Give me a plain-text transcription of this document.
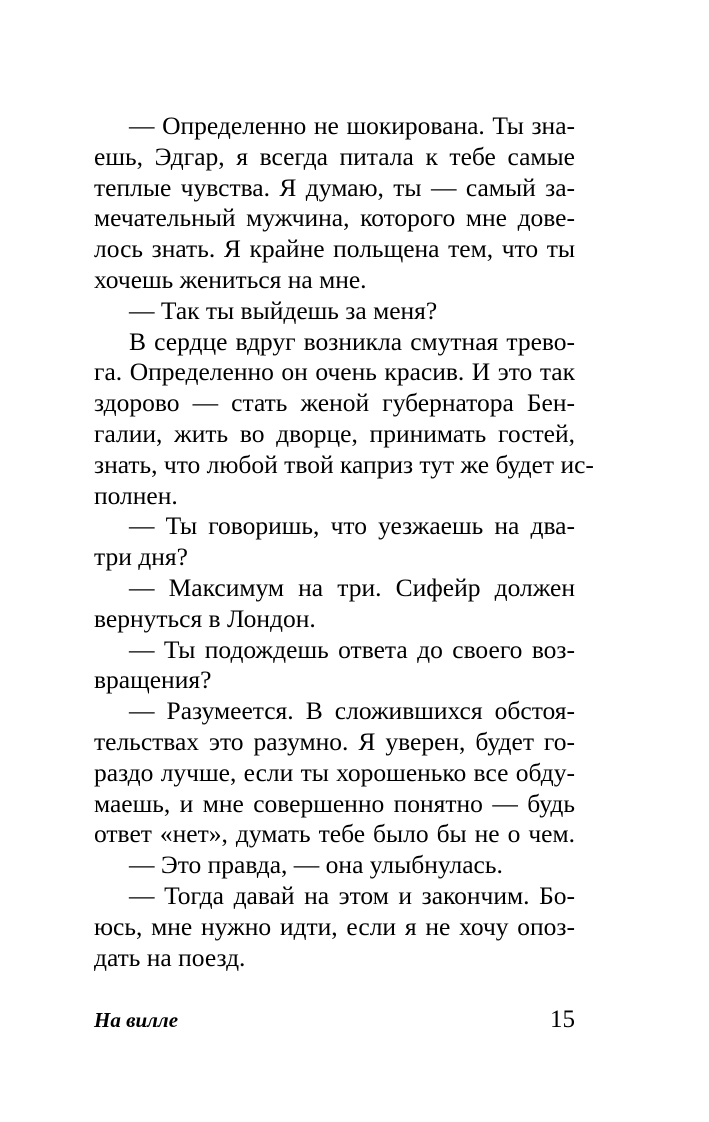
— Определенно не шокирована. Ты зна-
ешь, Эдгар, я всегда питала к тебе самые
теплые чувства. Я думаю, ты — самый за-
мечательный мужчина, которого мне дове-
лось знать. Я крайне польщена тем, что ты
хочешь жениться на мне.
— Так ты выйдешь за меня?
В сердце вдруг возникла смутная трево-
га. Определенно он очень красив. И это так
здорово — стать женой губернатора Бен-
галии, жить во дворце, принимать гостей,
знать, что любой твой каприз тут же будет ис-
полнен.
— Ты говоришь, что уезжаешь на два-
три дня?
— Максимум на три. Сифейр должен
вернуться в Лондон.
— Ты подождешь ответа до своего воз-
вращения?
— Разумеется. В сложившихся обстоя-
тельствах это разумно. Я уверен, будет го-
раздо лучше, если ты хорошенько все обду-
маешь, и мне совершенно понятно — будь
ответ «нет», думать тебе было бы не о чем.
— Это правда, — она улыбнулась.
— Тогда давай на этом и закончим. Бо-
юсь, мне нужно идти, если я не хочу опоз-
дать на поезд.
На вилле	15
